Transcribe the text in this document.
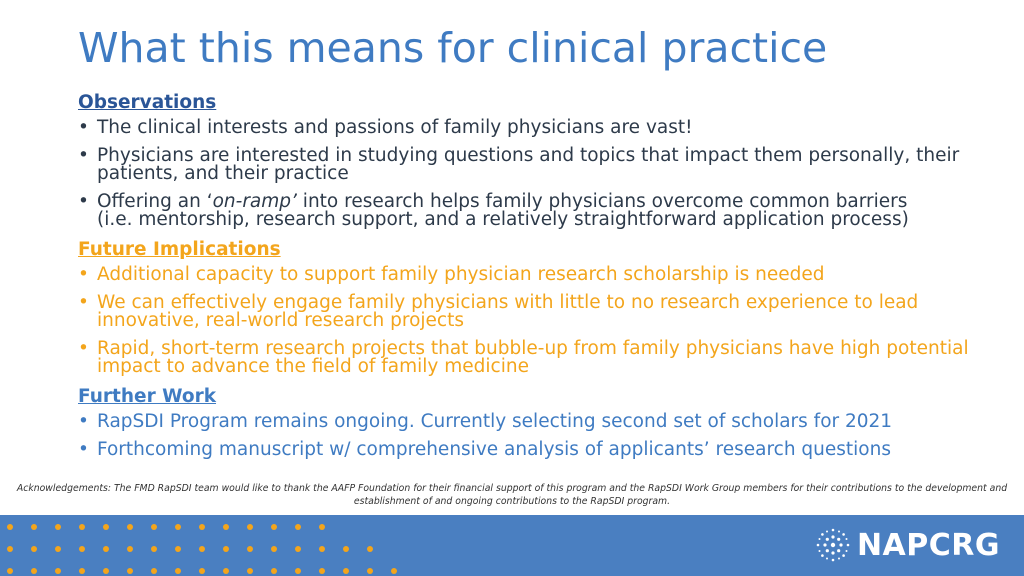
What this means for clinical practice
Observations
• The clinical interests and passions of family physicians are vast!
• Physicians are interested in studying questions and topics that impact them personally, their patients, and their practice
• Offering an ‘on-ramp’ into research helps family physicians overcome common barriers
(i.e. mentorship, research support, and a relatively straightforward application process)
Future Implications
• Additional capacity to support family physician research scholarship is needed
• We can effectively engage family physicians with little to no research experience to lead innovative, real-world research projects
• Rapid, short-term research projects that bubble-up from family physicians have high potential impact to advance the field of family medicine
Further Work
• RapSDI Program remains ongoing. Currently selecting second set of scholars for 2021
• Forthcoming manuscript w/ comprehensive analysis of applicants’ research questions
Acknowledgements: The FMD RapSDI team would like to thank the AAFP Foundation for their financial support of this program and the RapSDI Work Group members for their contributions to the development and establishment of and ongoing contributions to the RapSDI program.
NAPCRG
